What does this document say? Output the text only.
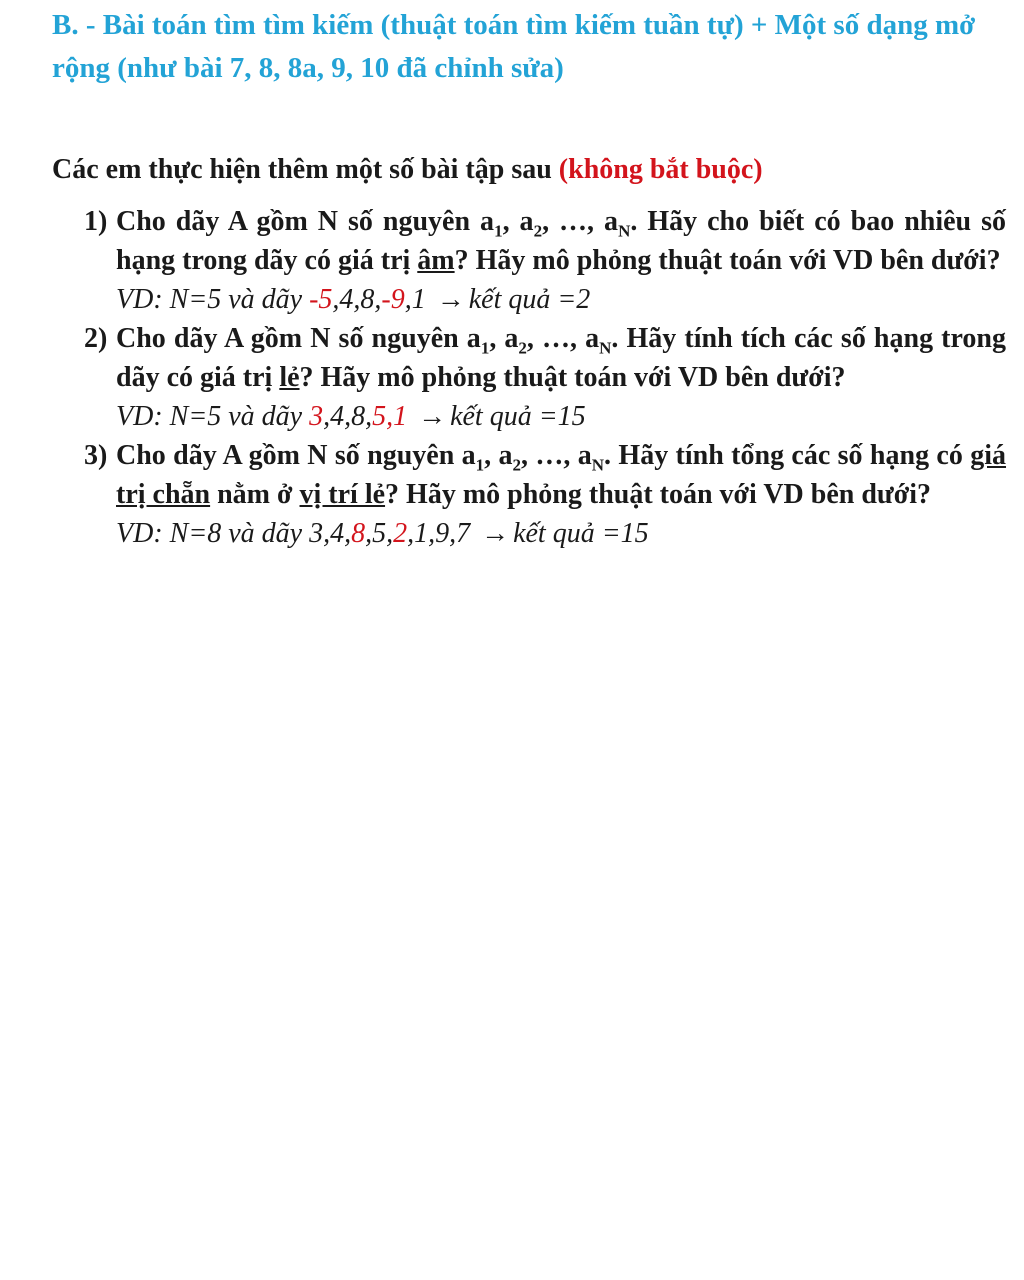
B. - Bài toán tìm tìm kiếm (thuật toán tìm kiếm tuần tự) + Một số dạng mở rộng (như bài 7, 8, 8a, 9, 10 đã chỉnh sửa)
Các em thực hiện thêm một số bài tập sau (không bắt buộc)
1) Cho dãy A gồm N số nguyên $a_1$, $a_2$, …, $a_N$. Hãy cho biết có bao nhiêu số hạng trong dãy có giá trị âm? Hãy mô phỏng thuật toán với VD bên dưới?
VD: N=5 và dãy -5,4,8,-9,1 → kết quả =2
2) Cho dãy A gồm N số nguyên $a_1$, $a_2$, …, $a_N$. Hãy tính tích các số hạng trong dãy có giá trị lẻ? Hãy mô phỏng thuật toán với VD bên dưới?
VD: N=5 và dãy 3,4,8,5,1 → kết quả =15
3) Cho dãy A gồm N số nguyên $a_1$, $a_2$, …, $a_N$. Hãy tính tổng các số hạng có giá trị chẵn nằm ở vị trí lẻ? Hãy mô phỏng thuật toán với VD bên dưới?
VD: N=8 và dãy 3,4,8,5,2,1,9,7 → kết quả =15
